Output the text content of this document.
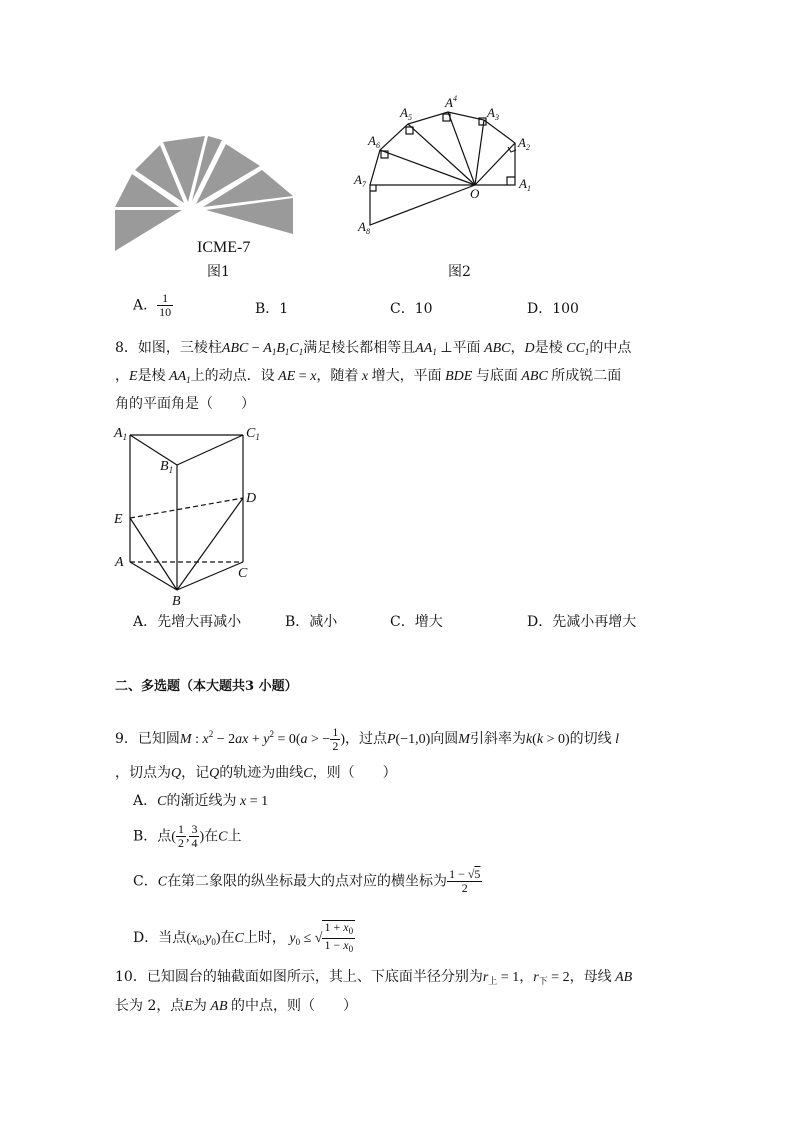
ICME-7
图1
$A_1$
$A_2$
$A_3$
$A^4$
$A_5$
$A_6$
$A_7$
$A_8$
O
图2
A． $\frac{1}{10}$	B．1	C．10	D．100
8．如图，三棱柱ABC − $A_1B_1C_1$满足棱长都相等且$AA_1$ ⊥平面 ABC，D是棱 $CC_1$的中点
，E是棱 $AA_1$上的动点．设 AE = x，随着 x 增大，平面 BDE 与底面 ABC 所成锐二面
角的平面角是（　　）
$A_1$
$B_1$
$C_1$
D
E
A
C
B
A．先增大再减小	B．减小	C．增大	D．先减小再增大
二、多选题（本大题共3 小题）
9．已知圆M : $x^2 - 2ax + y^2 = 0(a$ > − $\frac{1}{2}$ )，过点P(−1,0)向圆M引斜率为k(k > 0)的切线 l
，切点为Q，记Q的轨迹为曲线C，则（　　）
A．C的渐近线为 x = 1
B．点( $\frac{1}{2}$ , $\frac{3}{4}$ )在C上
C．C在第二象限的纵坐标最大的点对应的横坐标为 $\frac{1 - √5}{2}$
D．当点$(x_0,y_0)$在C上时， $y_0$ ≤ √ $\frac{1 + x_0}{1 - x_0}$
10．已知圆台的轴截面如图所示，其上、下底面半径分别为$r_上 = 1$，$r_下 = 2$，母线 AB
长为 2，点E为 AB 的中点，则（　　）
